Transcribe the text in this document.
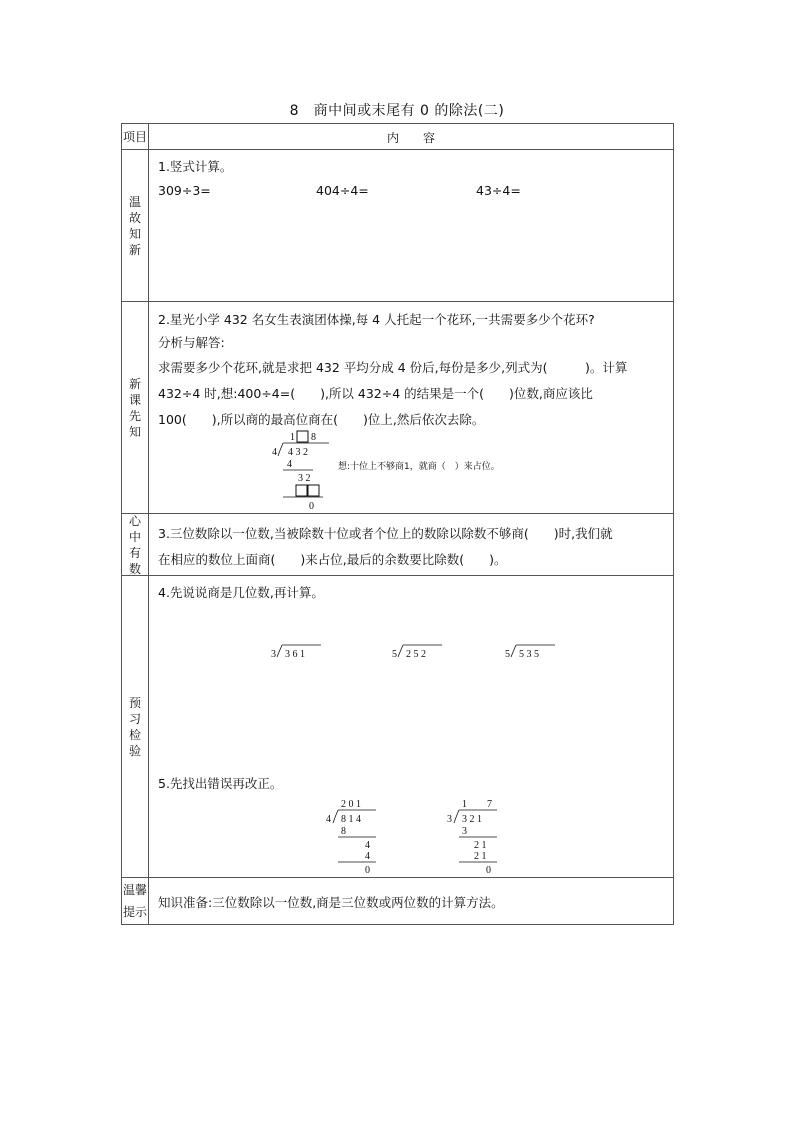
8　商中间或末尾有 0 的除法(二)
项目	内　　容
温故知新
1.竖式计算。
309÷3=	404÷4=	43÷4=
新课先知
2.星光小学 432 名女生表演团体操,每 4 人托起一个花环,一共需要多少个花环?
分析与解答:
求需要多少个花环,就是求把 432 平均分成 4 份后,每份是多少,列式为(　　　)。计算
432÷4 时,想:400÷4=(　　),所以 432÷4 的结果是一个(　　)位数,商应该比
100(　　),所以商的最高位商在(　　)位上,然后依次去除。
1 8
4 4 3 2
4
3 2
0
想:十位上不够商1，就商（　）来占位。
心中有数
3.三位数除以一位数,当被除数十位或者个位上的数除以除数不够商(　　)时,我们就
在相应的数位上面商(　　)来占位,最后的余数要比除数(　　)。
预习检验
4.先说说商是几位数,再计算。
3 3 6 1	5 2 5 2	5 5 3 5
5.先找出错误再改正。
2 0 1
4 8 1 4
8
4
4
0
1　　7
3 3 2 1
3
2 1
2 1
0
温馨提示
知识准备:三位数除以一位数,商是三位数或两位数的计算方法。
